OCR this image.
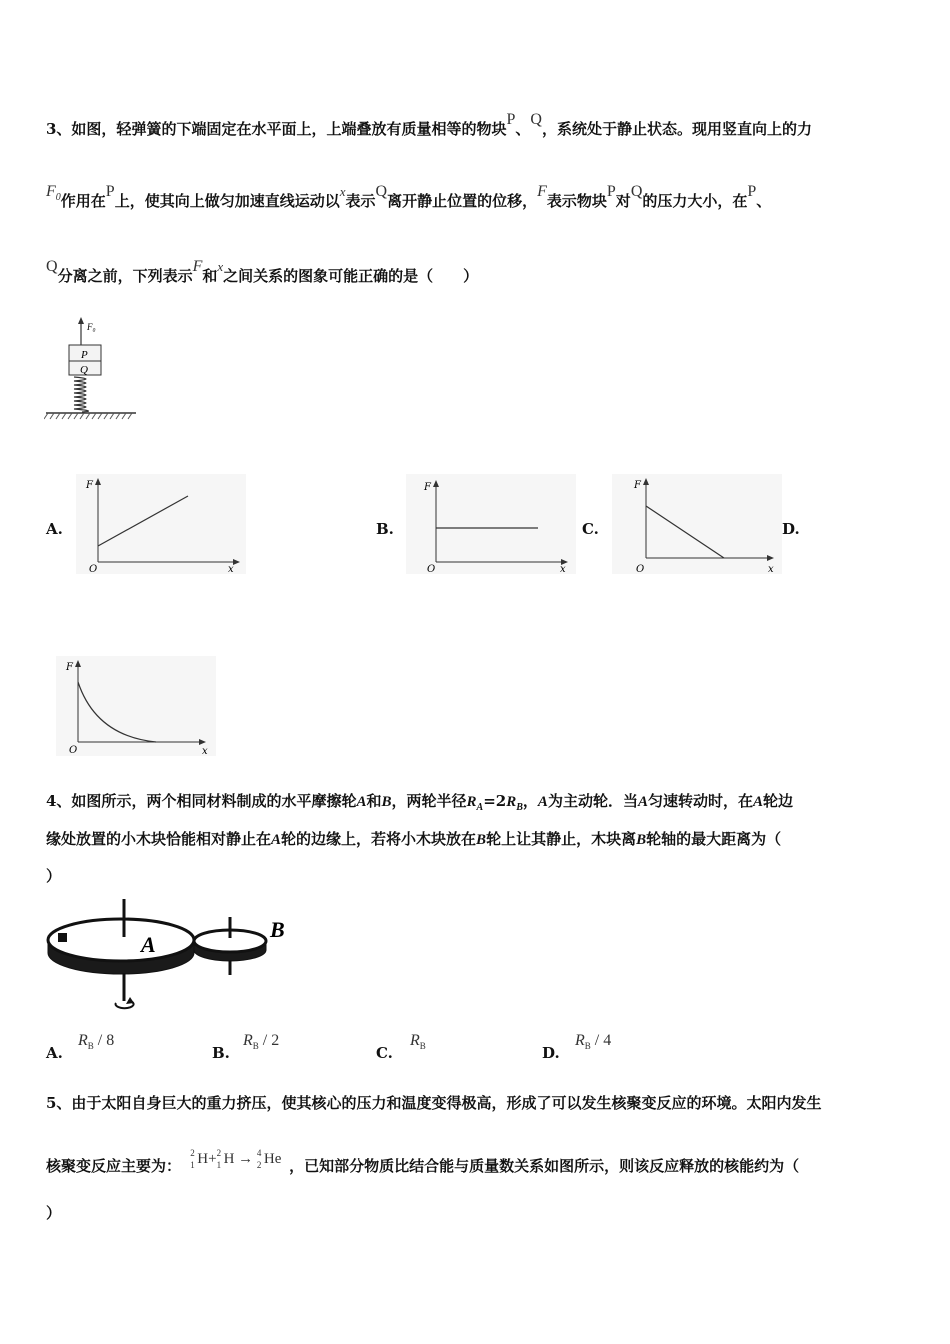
3、如图，轻弹簧的下端固定在水平面上，上端叠放有质量相等的物块P、Q，系统处于静止状态。现用竖直向上的力
$F_0$作用在P上，使其向上做匀加速直线运动以x表示Q离开静止位置的位移，F表示物块P对Q的压力大小，在P、
Q分离之前，下列表示F和x之间关系的图象可能正确的是（　　）
F₀
P
Q
A.	B.	C.	D.
F
x
O
F
x
O
F
x
O
F
x
O
4、如图所示，两个相同材料制成的水平摩擦轮A和B，两轮半径$R_A=2R_B$，A为主动轮．当A匀速转动时，在A轮边
缘处放置的小木块恰能相对静止在A轮的边缘上，若将小木块放在B轮上让其静止，木块离B轮轴的最大距离为（
）
A
B
A.
$R_B / 8$
B.
$R_B / 2$
C.
$R_B$	D.
$R_B / 4$
5、由于太阳自身巨大的重力挤压，使其核心的压力和温度变得极高，形成了可以发生核聚变反应的环境。太阳内发生
核聚变反应主要为：
2
1 H+ 2
1 H → 4
2 He ，已知部分物质比结合能与质量数关系如图所示，则该反应释放的核能约为（
）
